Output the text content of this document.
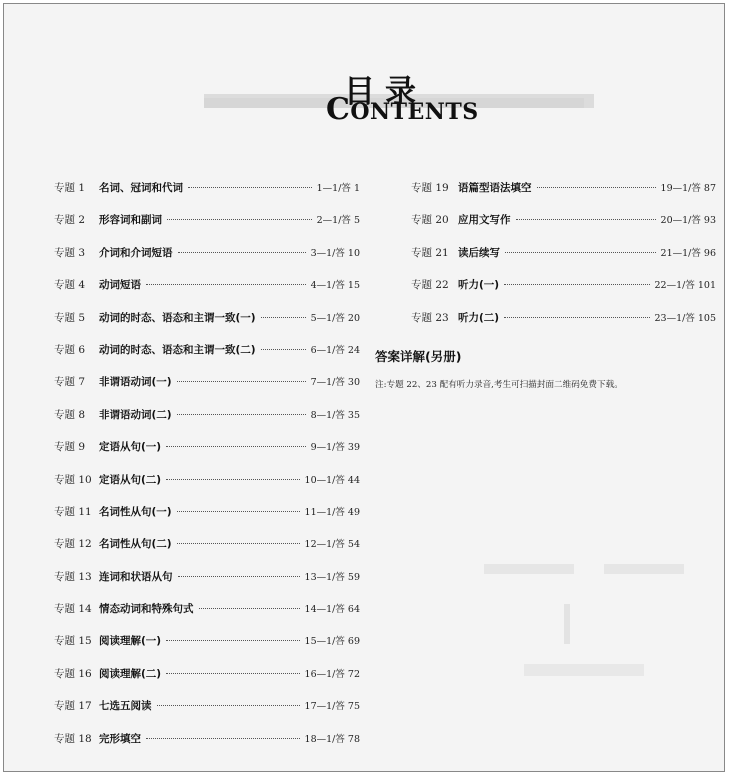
目录
CONTENTS
专题 1	名词、冠词和代词	1—1/答 1
专题 2	形容词和副词	2—1/答 5
专题 3	介词和介词短语	3—1/答 10
专题 4	动词短语	4—1/答 15
专题 5	动词的时态、语态和主谓一致(一)	5—1/答 20
专题 6	动词的时态、语态和主谓一致(二)	6—1/答 24
专题 7	非谓语动词(一)	7—1/答 30
专题 8	非谓语动词(二)	8—1/答 35
专题 9	定语从句(一)	9—1/答 39
专题 10 定语从句(二)	10—1/答 44
专题 11 名词性从句(一)	11—1/答 49
专题 12 名词性从句(二)	12—1/答 54
专题 13 连词和状语从句	13—1/答 59
专题 14 情态动词和特殊句式	14—1/答 64
专题 15 阅读理解(一)	15—1/答 69
专题 16 阅读理解(二)	16—1/答 72
专题 17 七选五阅读	17—1/答 75
专题 18 完形填空	18—1/答 78
专题 19 语篇型语法填空	19—1/答 87
专题 20 应用文写作	20—1/答 93
专题 21 读后续写	21—1/答 96
专题 22 听力(一)	22—1/答 101
专题 23 听力(二)	23—1/答 105
答案详解(另册)
注:专题 22、23 配有听力录音,考生可扫描封面二维码免费下载。
